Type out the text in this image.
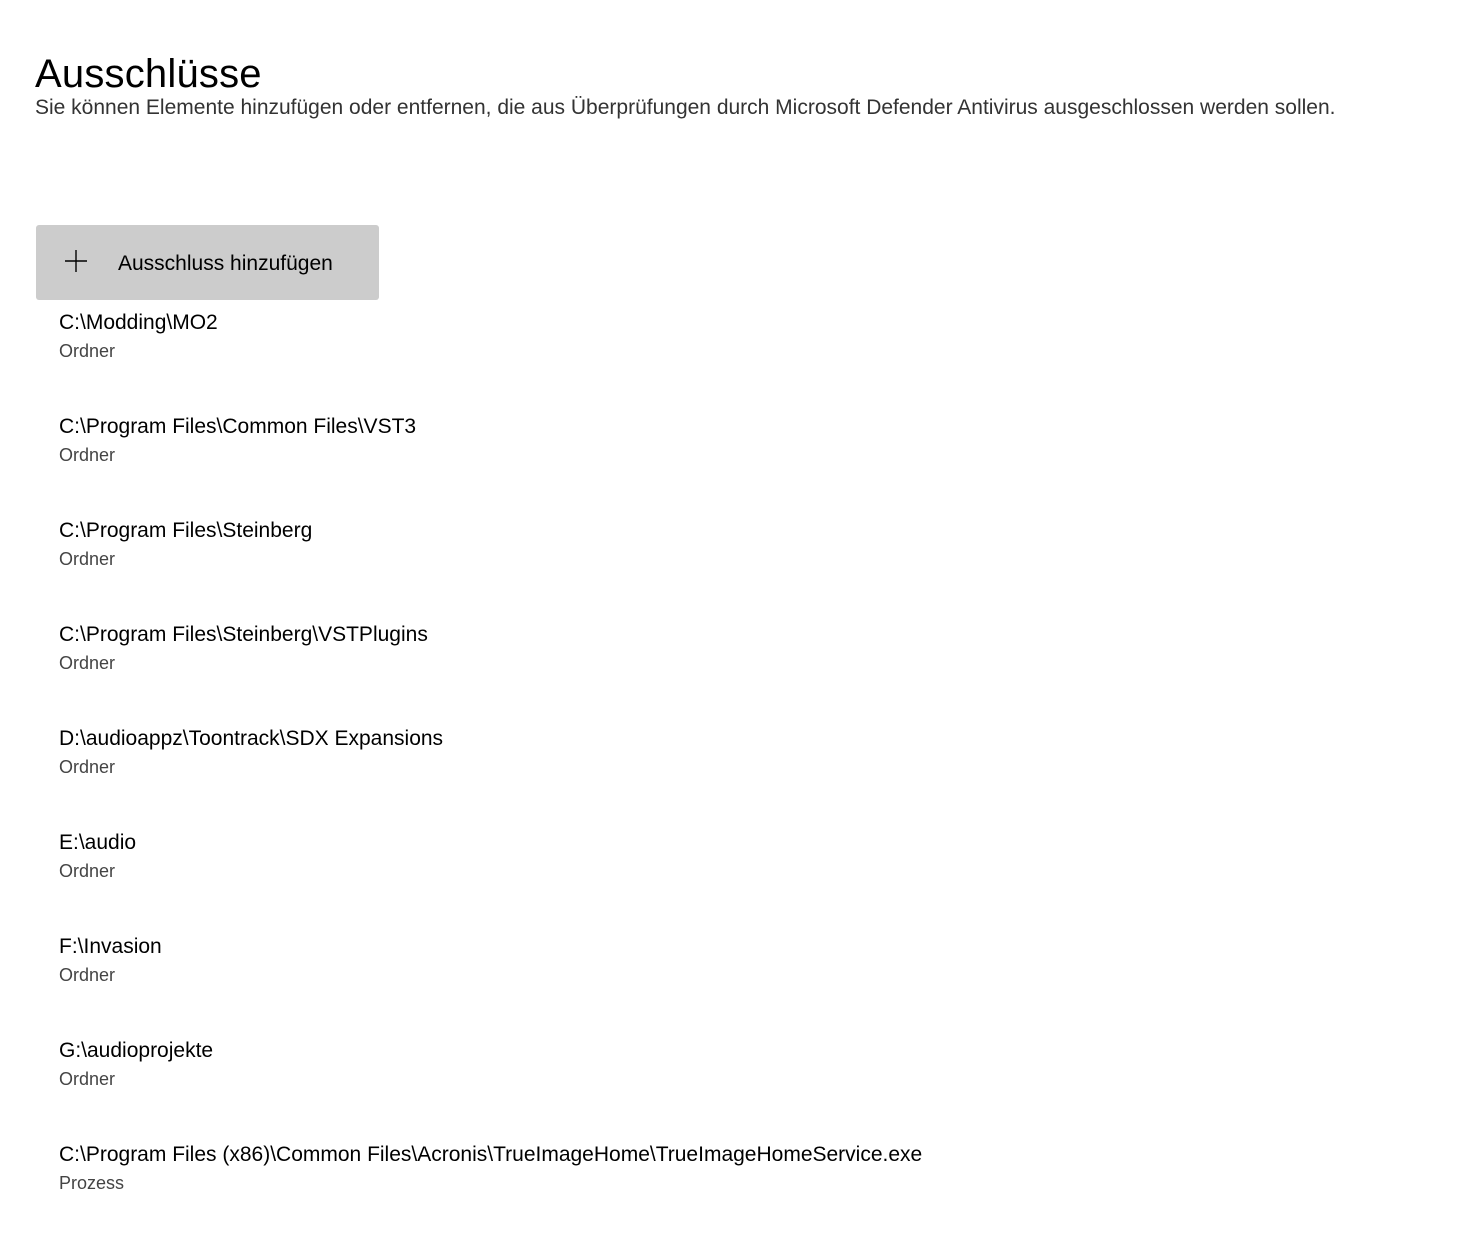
Ausschlüsse
Sie können Elemente hinzufügen oder entfernen, die aus Überprüfungen durch Microsoft Defender Antivirus ausgeschlossen werden sollen.
Ausschluss hinzufügen
C:\Modding\MO2
Ordner
C:\Program Files\Common Files\VST3
Ordner
C:\Program Files\Steinberg
Ordner
C:\Program Files\Steinberg\VSTPlugins
Ordner
D:\audioappz\Toontrack\SDX Expansions
Ordner
E:\audio
Ordner
F:\Invasion
Ordner
G:\audioprojekte
Ordner
C:\Program Files (x86)\Common Files\Acronis\TrueImageHome\TrueImageHomeService.exe
Prozess
